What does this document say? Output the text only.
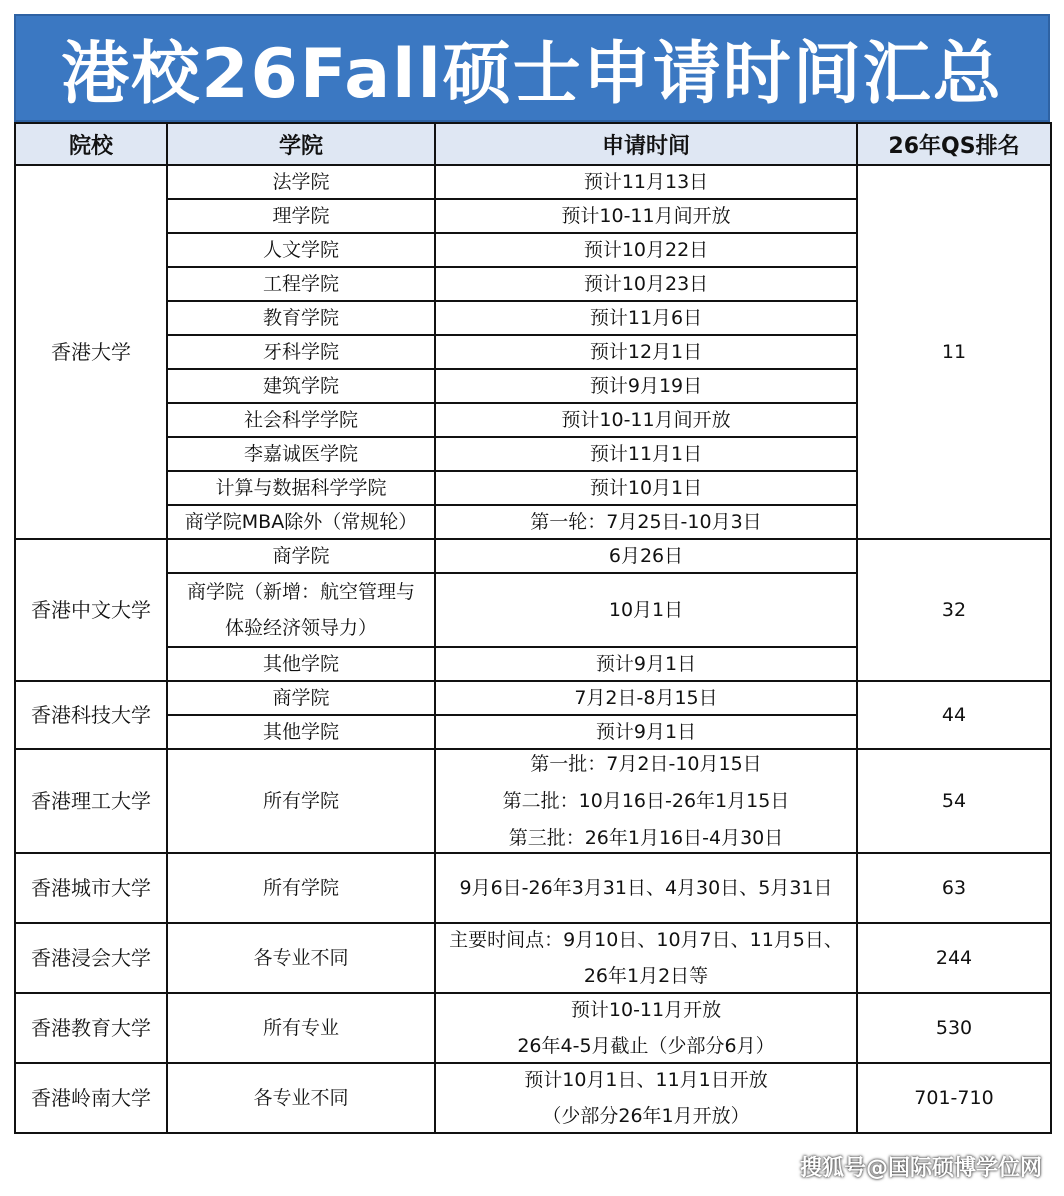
港校26Fall硕士申请时间汇总
院校	学院	申请时间	26年QS排名
香港大学	法学院	预计11月13日	11
	理学院	预计10-11月间开放	
	人文学院	预计10月22日	
	工程学院	预计10月23日	
	教育学院	预计11月6日	
	牙科学院	预计12月1日	
	建筑学院	预计9月19日	
	社会科学学院	预计10-11月间开放	
	李嘉诚医学院	预计11月1日	
	计算与数据科学学院	预计10月1日	
	商学院MBA除外（常规轮）	第一轮：7月25日-10月3日	
香港中文大学	商学院	6月26日	32

	商学院（新增：航空管理与
体验经济领导力）	10月1日	
	其他学院	预计9月1日	
香港科技大学	商学院	7月2日-8月15日	44
	其他学院	预计9月1日	
香港理工大学	所有学院	第一批：7月2日-10月15日
第二批：10月16日-26年1月15日
第三批：26年1月16日-4月30日	54
香港城市大学	所有学院	9月6日-26年3月31日、4月30日、5月31日	63
香港浸会大学	各专业不同	主要时间点：9月10日、10月7日、11月5日、
26年1月2日等	244
香港教育大学	所有专业	预计10-11月开放
26年4-5月截止（少部分6月）	530
香港岭南大学	各专业不同	预计10月1日、11月1日开放
（少部分26年1月开放）	701-710
搜狐号@国际硕博学位网
